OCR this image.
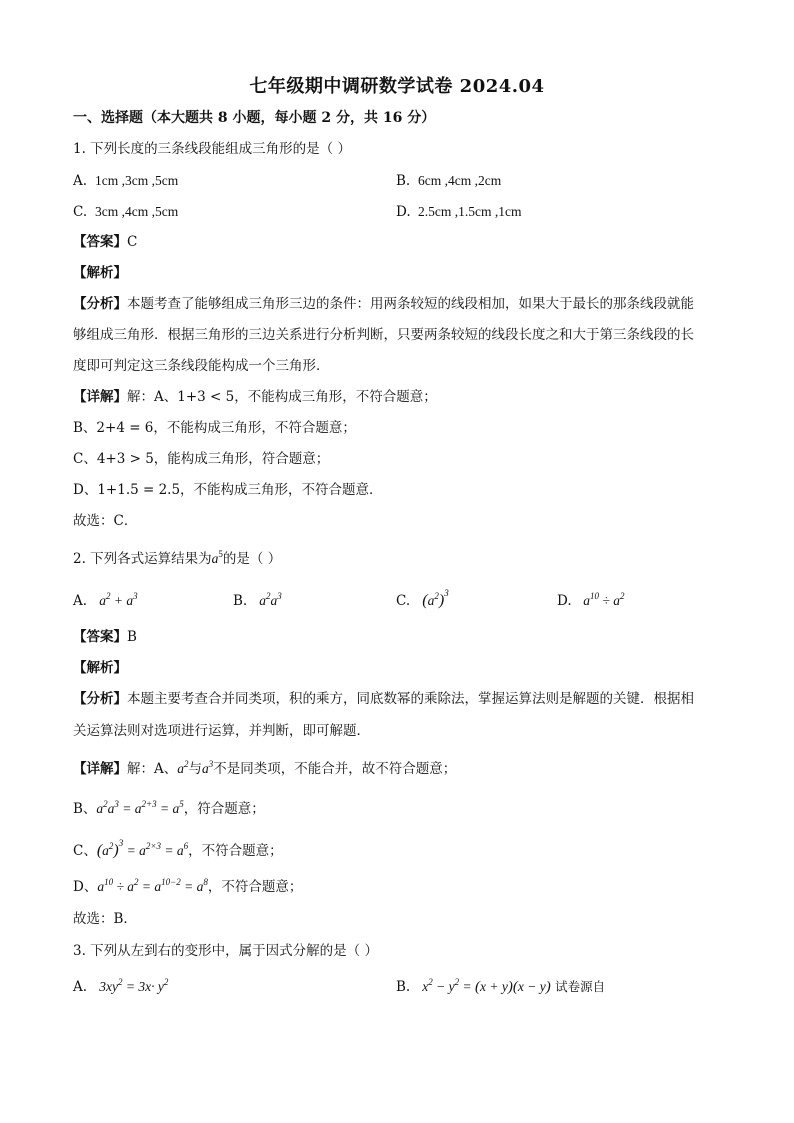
七年级期中调研数学试卷 2024.04
一、选择题（本大题共 8 小题，每小题 2 分，共 16 分）
1. 下列长度的三条线段能组成三角形的是（ ）
A. 1cm ,3cm ,5cm	B. 6cm ,4cm ,2cm
C. 3cm ,4cm ,5cm	D. 2.5cm ,1.5cm ,1cm
【答案】C
【解析】
【分析】本题考查了能够组成三角形三边的条件：用两条较短的线段相加，如果大于最长的那条线段就能
够组成三角形．根据三角形的三边关系进行分析判断，只要两条较短的线段长度之和大于第三条线段的长
度即可判定这三条线段能构成一个三角形．
【详解】解：A、1+3 < 5，不能构成三角形，不符合题意；
B、2+4 = 6，不能构成三角形，不符合题意；
C、4+3 > 5，能构成三角形，符合题意；
D、1+1.5 = 2.5，不能构成三角形，不符合题意．
故选：C．
2. 下列各式运算结果为$a^5$的是（ ）
A. $a^2 + a^3$	B. $a^2a^3$	C. $(a^2)^3$	D. $a^{10} \div a^2$
【答案】B
【解析】
【分析】本题主要考查合并同类项，积的乘方，同底数幂的乘除法，掌握运算法则是解题的关键．根据相
关运算法则对选项进行运算，并判断，即可解题．
【详解】解：A、$a^2$与$a^3$不是同类项，不能合并，故不符合题意；
B、$a^2a^3 = a^{2+3} = a^5$，符合题意；
C、$(a^2)^3 = a^{2\times 3} = a^6$，不符合题意；
D、$a^{10} \div a^2 = a^{10-2} = a^8$，不符合题意；
故选：B．
3. 下列从左到右的变形中，属于因式分解的是（ ）
A. $3xy^2 = 3x\cdot y^2$	B. $x^2 - y^2 = (x + y)(x - y)$ 试卷源自
